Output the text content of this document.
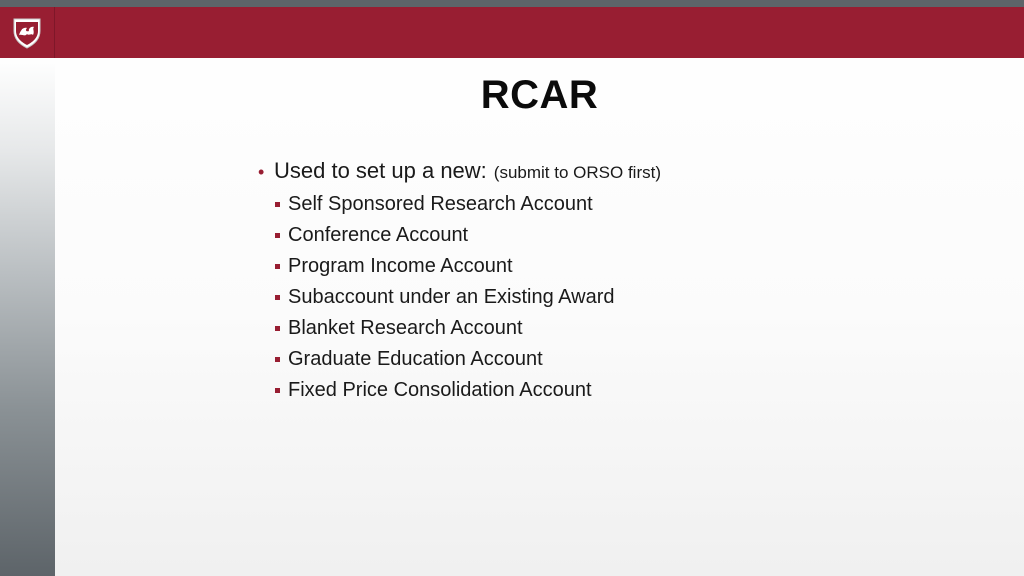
RCAR
• Used to set up a new: (submit to ORSO first)
Self Sponsored Research Account
Conference Account
Program Income Account
Subaccount under an Existing Award
Blanket Research Account
Graduate Education Account
Fixed Price Consolidation Account
